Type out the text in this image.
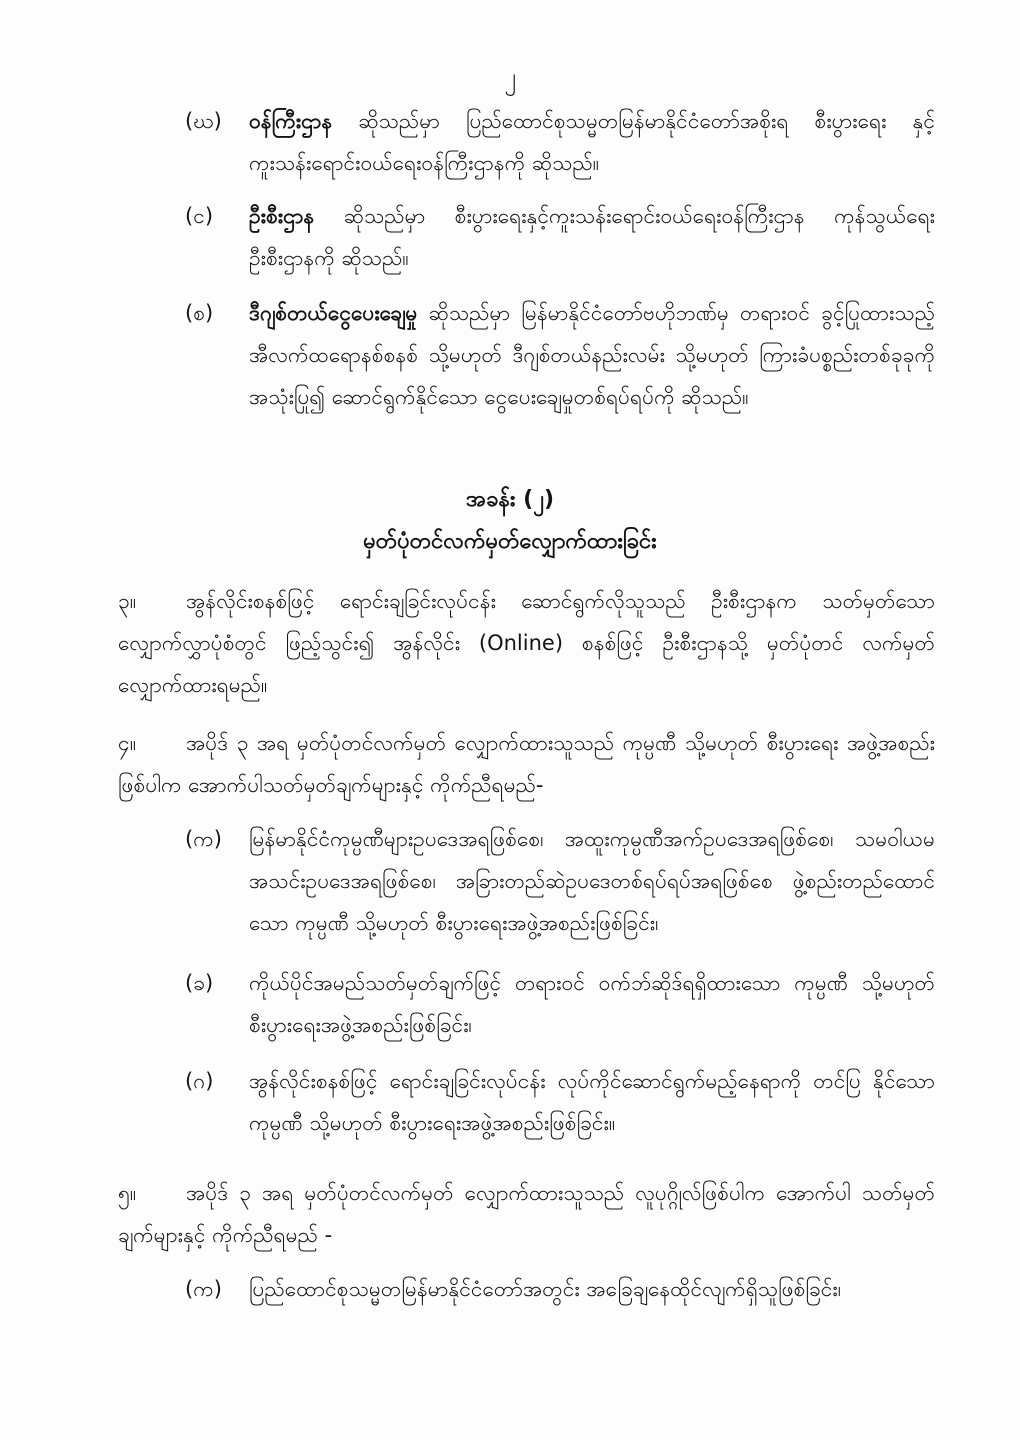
၂
(ဃ)	ဝန်ကြီးဌာန ဆိုသည်မှာ ပြည်ထောင်စုသမ္မတမြန်မာနိုင်ငံတော်အစိုးရ စီးပွားရေး နှင့် ကူးသန်းရောင်းဝယ်ရေးဝန်ကြီးဌာနကို ဆိုသည်။
(င)	ဦးစီးဌာန ဆိုသည်မှာ စီးပွားရေးနှင့်ကူးသန်းရောင်းဝယ်ရေးဝန်ကြီးဌာန ကုန်သွယ်ရေး ဦးစီးဌာနကို ဆိုသည်။
(စ)	ဒီဂျစ်တယ်ငွေပေးချေမှု ဆိုသည်မှာ မြန်မာနိုင်ငံတော်ဗဟိုဘဏ်မှ တရားဝင် ခွင့်ပြုထားသည့် အီလက်ထရောနစ်စနစ် သို့မဟုတ် ဒီဂျစ်တယ်နည်းလမ်း သို့မဟုတ် ကြားခံပစ္စည်းတစ်ခုခုကို အသုံးပြု၍ ဆောင်ရွက်နိုင်သော ငွေပေးချေမှုတစ်ရပ်ရပ်ကို ဆိုသည်။
အခန်း (၂)
မှတ်ပုံတင်လက်မှတ်လျှောက်ထားခြင်း
၃။	အွန်လိုင်းစနစ်ဖြင့် ရောင်းချခြင်းလုပ်ငန်း ဆောင်ရွက်လိုသူသည် ဦးစီးဌာနက သတ်မှတ်သော လျှောက်လွှာပုံစံတွင် ဖြည့်သွင်း၍ အွန်လိုင်း (Online) စနစ်ဖြင့် ဦးစီးဌာနသို့ မှတ်ပုံတင် လက်မှတ် လျှောက်ထားရမည်။
၄။	အပိုဒ် ၃ အရ မှတ်ပုံတင်လက်မှတ် လျှောက်ထားသူသည် ကုမ္ပဏီ သို့မဟုတ် စီးပွားရေး အဖွဲ့အစည်းဖြစ်ပါက အောက်ပါသတ်မှတ်ချက်များနှင့် ကိုက်ညီရမည်-
(က)	မြန်မာနိုင်ငံကုမ္ပဏီများဥပဒေအရဖြစ်စေ၊ အထူးကုမ္ပဏီအက်ဥပဒေအရဖြစ်စေ၊ သမဝါယမအသင်းဥပဒေအရဖြစ်စေ၊ အခြားတည်ဆဲဥပဒေတစ်ရပ်ရပ်အရဖြစ်စေ ဖွဲ့စည်းတည်ထောင်သော ကုမ္ပဏီ သို့မဟုတ် စီးပွားရေးအဖွဲ့အစည်းဖြစ်ခြင်း၊
(ခ)	ကိုယ်ပိုင်အမည်သတ်မှတ်ချက်ဖြင့် တရားဝင် ဝက်ဘ်ဆိုဒ်ရရှိထားသော ကုမ္ပဏီ သို့မဟုတ် စီးပွားရေးအဖွဲ့အစည်းဖြစ်ခြင်း၊
(ဂ)	အွန်လိုင်းစနစ်ဖြင့် ရောင်းချခြင်းလုပ်ငန်း လုပ်ကိုင်ဆောင်ရွက်မည့်နေရာကို တင်ပြ နိုင်သော ကုမ္ပဏီ သို့မဟုတ် စီးပွားရေးအဖွဲ့အစည်းဖြစ်ခြင်း။
၅။	အပိုဒ် ၃ အရ မှတ်ပုံတင်လက်မှတ် လျှောက်ထားသူသည် လူပုဂ္ဂိုလ်ဖြစ်ပါက အောက်ပါ သတ်မှတ်ချက်များနှင့် ကိုက်ညီရမည် -
(က)	ပြည်ထောင်စုသမ္မတမြန်မာနိုင်ငံတော်အတွင်း အခြေချနေထိုင်လျက်ရှိသူဖြစ်ခြင်း၊
